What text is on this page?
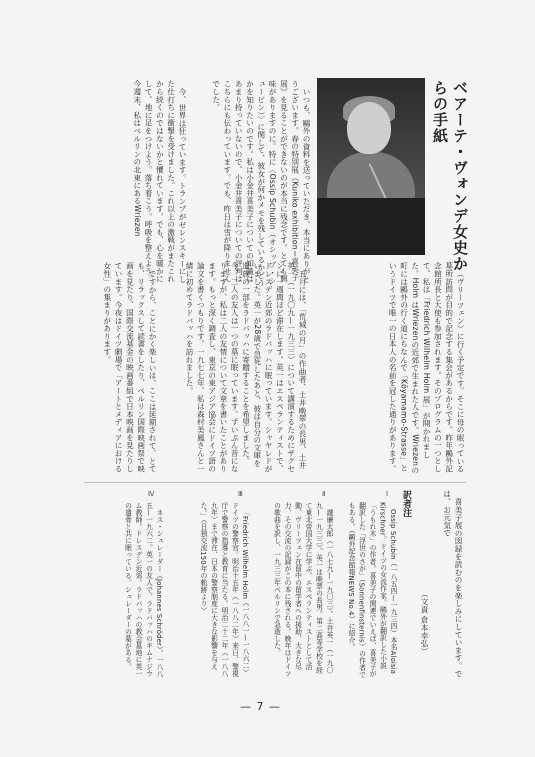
ベアーテ・ヴォンデ女史からの手紙

いつも、鷗外の資料を送っていただき、本当にありがとうございます。春の特別展《Kuniko exhibition＝喜美子展》を見ることができないのが本当に残念です。とても興味がありますのに。特に〈Ossip Schubin（オシップ・シュービン）〉に関して、彼女が何かメモを残しているかどうかを知りたいのです。私は小金井喜美子についての知識はあまり持っていないので、小金井喜美子についての評判はこちらにも伝わっています。でも、昨日は雪が降りませんでした。

今、世界は狂っています。トランプがゼレンスキーにした仕打ちに衝撃を受けました。これ以上の激戦がまたこれから続くのではないかと懼れています。でも、心を暖かにして、地に足をつけよう。落ち着こう。呼吸を整えよう。今週末、私はベルリンの北東にあるWriezen

（ヴリーツェン）に行く予定です。そこに母の眠っている墓所訪問が目的で記念する集会があるからです。昨年鷗外記念館所長と大使も参加されます。そのプログラムの一つとして、私は「Friedrich Wilhelm Holm 展」が開かれました。Holm はWriezenの近郊で生まれた人です。Wriezenの町には鷗外の行く道にちなんで「Kōyamamo-Strasse」というドイツで唯一の日本人の名前を冠した通りがあります。

五月には、「荒城の月」の作曲者、土井晩翠の長男、土井英一（一九〇九—一九三三）について講演するためにザクセンに一週間ほど滞在します。英一はエスペランティストで、ドレスデン近郊のラドバッハに眠っています。シャヤレドがいました。英一が28歳で急死したあと、彼は自分の文庫を遺族の一部をラドバッハに寄贈することを希望しました。今、二人の友人は一つの墓に眠っています。ずいぶん昔になりますが、私は二人の友情について文章を書いたことがあります。もっと深く調査し、東京の東アジア協会にドイツ語の論文を書くつもりです。一九七七年、私は森村美鳳さんと一緒に初めてラドバッハを訪れました。

ですから、ことにかく楽しいは、ここは延期されて、とても、リラックスして読書をしたり、ベルリン国際映画祭で映画を見たり、国際交流基金の映画番組で日本映画を見たりしています。今夜はドイツ劇場で「アートとメディアにおける女性」の集まりがあります。

喜美子展の図録を読むのを楽しみにしています。では、お元気で

（文責 倉本幸弘）
訳者注
Ⅰ

Ossip Schubin（一八五四—一九三四）本名Aloisia Kirschner。ドイツの女流作家。鷗外が翻訳した小説「うもれ木」の作者。喜美子の関連でいえば、喜美子が翻訳した「浮世のさが」（Sonnenfinsternis）の作者でもある。（鷗外記念館報NEWS No.4）に紹介。

Ⅱ

瀧廉太郎（一八七九—一九〇三）。土井英一（一九〇九—一九三三）。英一は晩翠の長男。第二高等学校を経て東北帝国大学に学ぶ。エスペランティストとして活動、ヴリーツェン在留中の留学者への援助、大きな尽力、その交流の記録がこの本に残される。晩年はドイツの歌曲を訳し、一九三三年ベルリンで急逝した。

Ⅲ

「Friedrich Wilhelm Holm（一八八一—一八六二）ドイツの警察官。明治十五年（一八八二年）来日、警視庁で警察の指導と教育に当たる。明治二十二年（一八八九年）まで滞在、日本の警察制度に大きな影響を与えた。」（日独交流150年の軌跡より）

Ⅳ

ネス・シュレーダー（Johannes Schröder）。一八八五—一九六二。英一の友人で、ラドバッハのギムナジウム教師。ドレスデン近郊。ラドバッハの教会墓地に英一の遺骨と共に眠っている。シュレーダーの墓がある。

— 7 —
